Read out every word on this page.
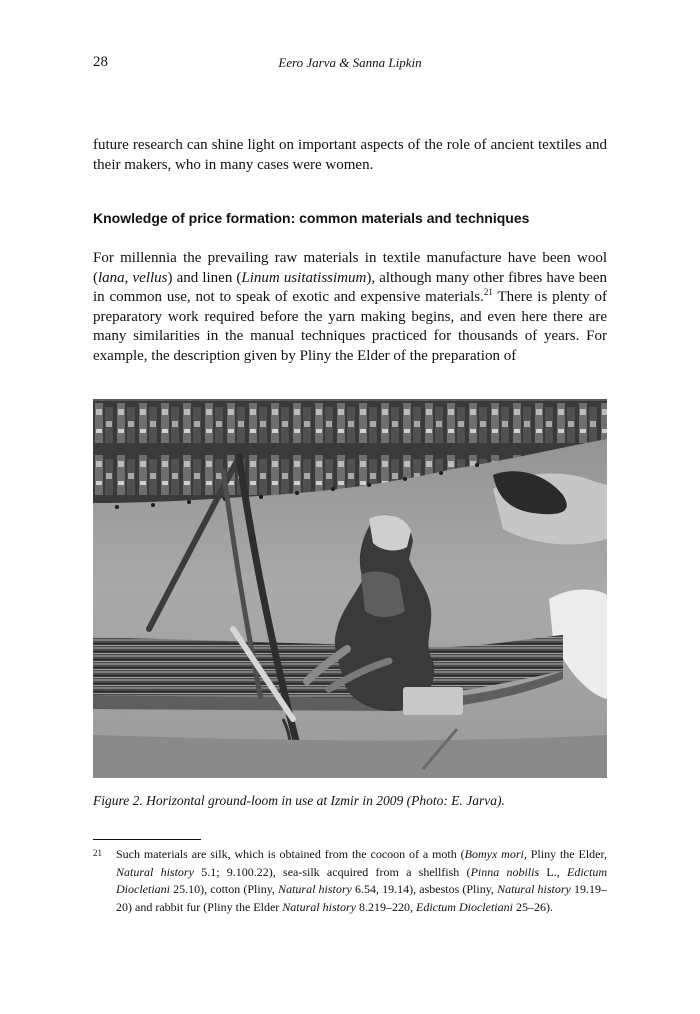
28	Eero Jarva & Sanna Lipkin

future research can shine light on important aspects of the role of ancient textiles and their makers, who in many cases were women.

Knowledge of price formation: common materials and techniques

For millennia the prevailing raw materials in textile manufacture have been wool (lana, vellus) and linen (Linum usitatissimum), although many other fibres have been in common use, not to speak of exotic and expensive materials.$^{21}$ There is plenty of preparatory work required before the yarn making begins, and even here there are many similarities in the manual techniques practiced for thousands of years. For example, the description given by Pliny the Elder of the preparation of

Figure 2. Horizontal ground-loom in use at Izmir in 2009 (Photo: E. Jarva).

21 Such materials are silk, which is obtained from the cocoon of a moth (Bomyx mori, Pliny the Elder, Natural history 5.1; 9.100.22), sea-silk acquired from a shellfish (Pinna nobilis L., Edictum Diocletiani 25.10), cotton (Pliny, Natural history 6.54, 19.14), asbestos (Pliny, Natural history 19.19–20) and rabbit fur (Pliny the Elder Natural history 8.219–220, Edictum Diocletiani 25–26).
